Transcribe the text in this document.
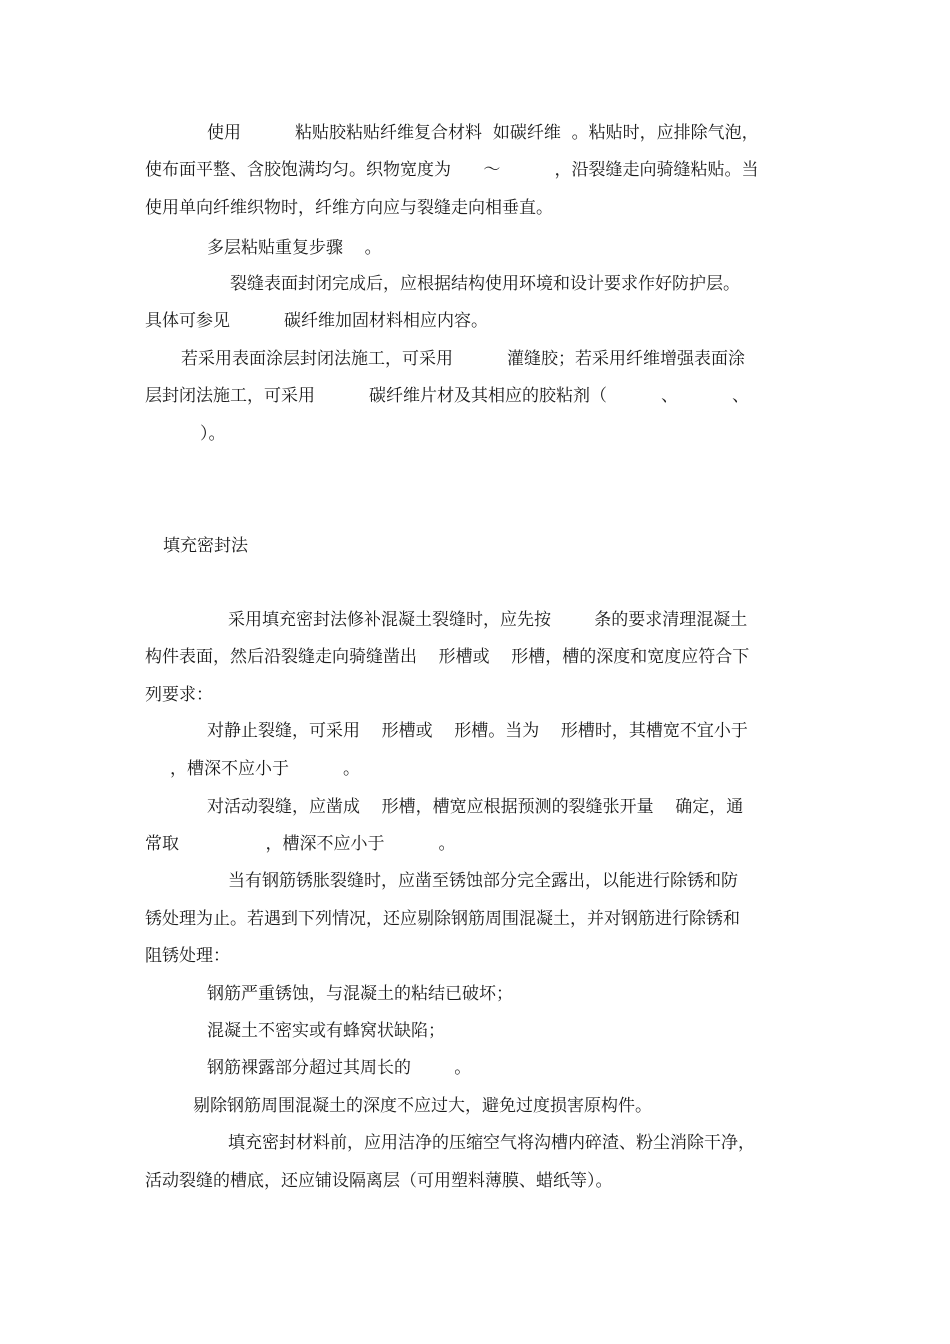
使用          粘贴胶粘贴纤维复合材料  如碳纤维  。粘贴时，应排除气泡，
使布面平整、含胶饱满均匀。织物宽度为      ～          ，沿裂缝走向骑缝粘贴。当
使用单向纤维织物时，纤维方向应与裂缝走向相垂直。
多层粘贴重复步骤    。
裂缝表面封闭完成后，应根据结构使用环境和设计要求作好防护层。
具体可参见          碳纤维加固材料相应内容。
若采用表面涂层封闭法施工，可采用          灌缝胶；若采用纤维增强表面涂
层封闭法施工，可采用          碳纤维片材及其相应的胶粘剂（          、          、
）。
填充密封法
采用填充密封法修补混凝土裂缝时，应先按        条的要求清理混凝土
构件表面，然后沿裂缝走向骑缝凿出    形槽或    形槽，槽的深度和宽度应符合下
列要求：
对静止裂缝，可采用    形槽或    形槽。当为    形槽时，其槽宽不宜小于
，槽深不应小于          。
对活动裂缝，应凿成    形槽，槽宽应根据预测的裂缝张开量    确定，通
常取                ，槽深不应小于          。
当有钢筋锈胀裂缝时，应凿至锈蚀部分完全露出，以能进行除锈和防
锈处理为止。若遇到下列情况，还应剔除钢筋周围混凝土，并对钢筋进行除锈和
阻锈处理：
钢筋严重锈蚀，与混凝土的粘结已破坏；
混凝土不密实或有蜂窝状缺陷；
钢筋裸露部分超过其周长的        。
剔除钢筋周围混凝土的深度不应过大，避免过度损害原构件。
填充密封材料前，应用洁净的压缩空气将沟槽内碎渣、粉尘消除干净，
活动裂缝的槽底，还应铺设隔离层（可用塑料薄膜、蜡纸等）。
